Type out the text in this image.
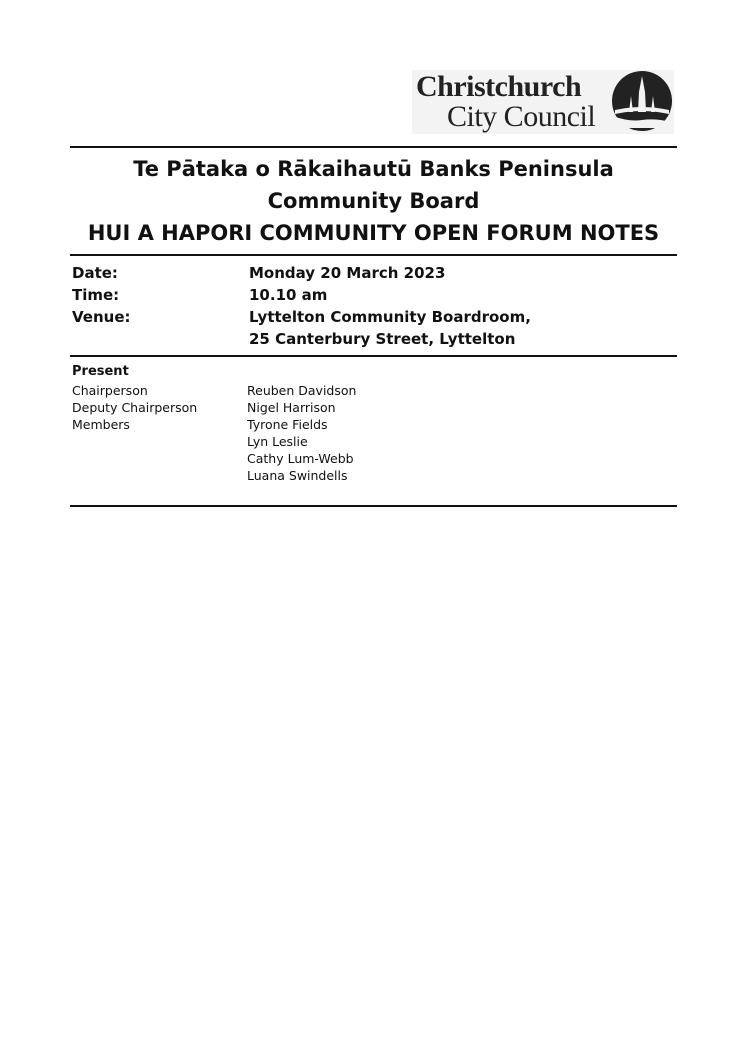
Christchurch
City Council
Te Pātaka o Rākaihautū Banks Peninsula
Community Board
HUI A HAPORI COMMUNITY OPEN FORUM NOTES
Date:	Monday 20 March 2023
Time:	10.10 am
Venue:	Lyttelton Community Boardroom,
25 Canterbury Street, Lyttelton
Present
Chairperson	Reuben Davidson
Deputy Chairperson	Nigel Harrison
Members	Tyrone Fields
Lyn Leslie
Cathy Lum-Webb
Luana Swindells
